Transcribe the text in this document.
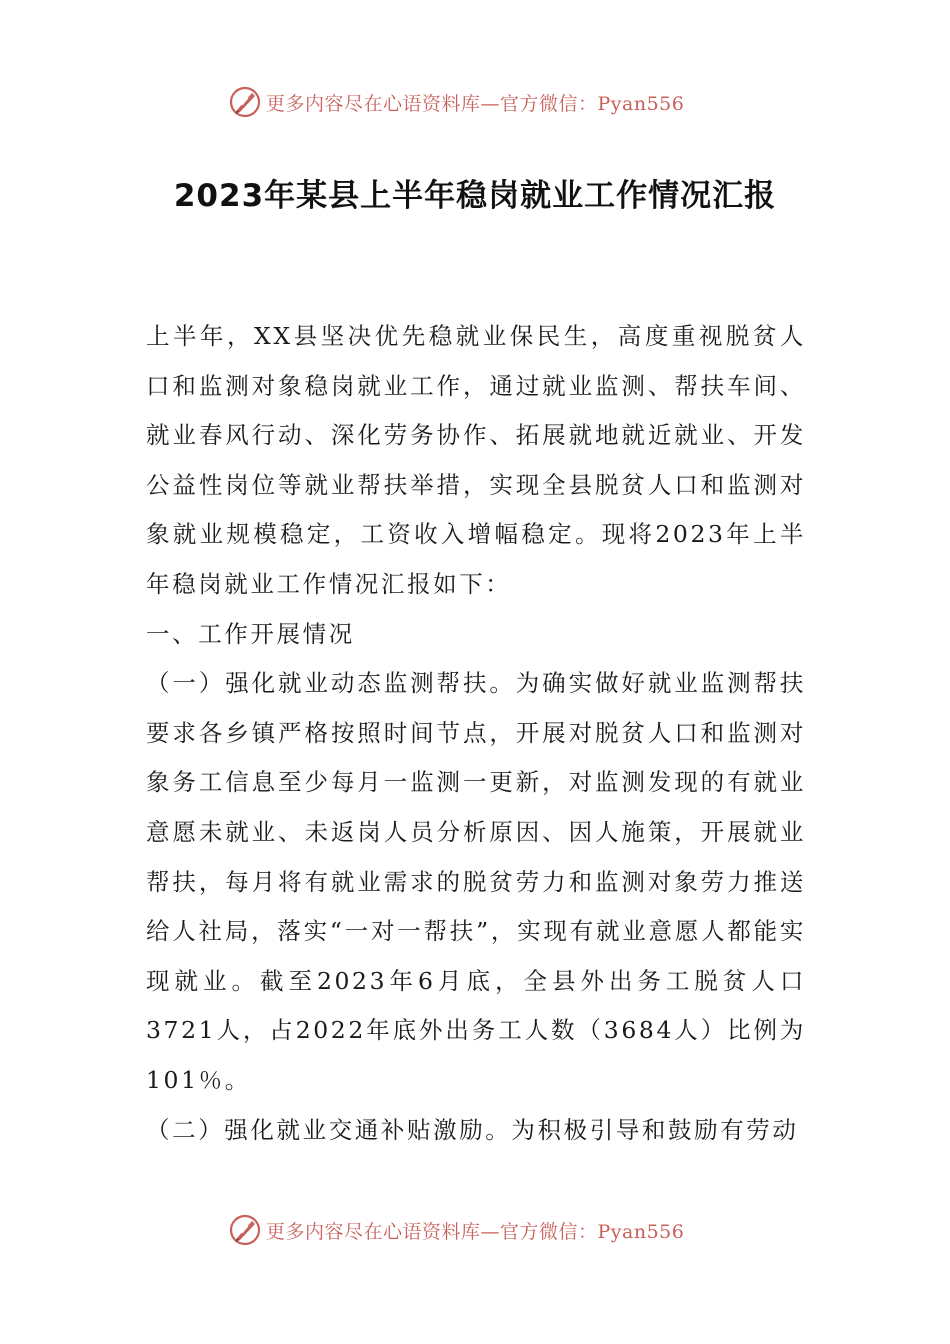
更多内容尽在心语资料库—官方微信：Pyan556
2023年某县上半年稳岗就业工作情况汇报

上半年，XX县坚决优先稳就业保民生，高度重视脱贫人口和监测对象稳岗就业工作，通过就业监测、帮扶车间、就业春风行动、深化劳务协作、拓展就地就近就业、开发公益性岗位等就业帮扶举措，实现全县脱贫人口和监测对象就业规模稳定，工资收入增幅稳定。现将2023年上半年稳岗就业工作情况汇报如下：

一、工作开展情况

（一）强化就业动态监测帮扶。为确实做好就业监测帮扶要求各乡镇严格按照时间节点，开展对脱贫人口和监测对象务工信息至少每月一监测一更新，对监测发现的有就业意愿未就业、未返岗人员分析原因、因人施策，开展就业帮扶，每月将有就业需求的脱贫劳力和监测对象劳力推送给人社局，落实“一对一帮扶”，实现有就业意愿人都能实现就业。截至2023年6月底，全县外出务工脱贫人口3721人，占2022年底外出务工人数（3684人）比例为101％。

（二）强化就业交通补贴激励。为积极引导和鼓励有劳动

更多内容尽在心语资料库—官方微信：Pyan556
